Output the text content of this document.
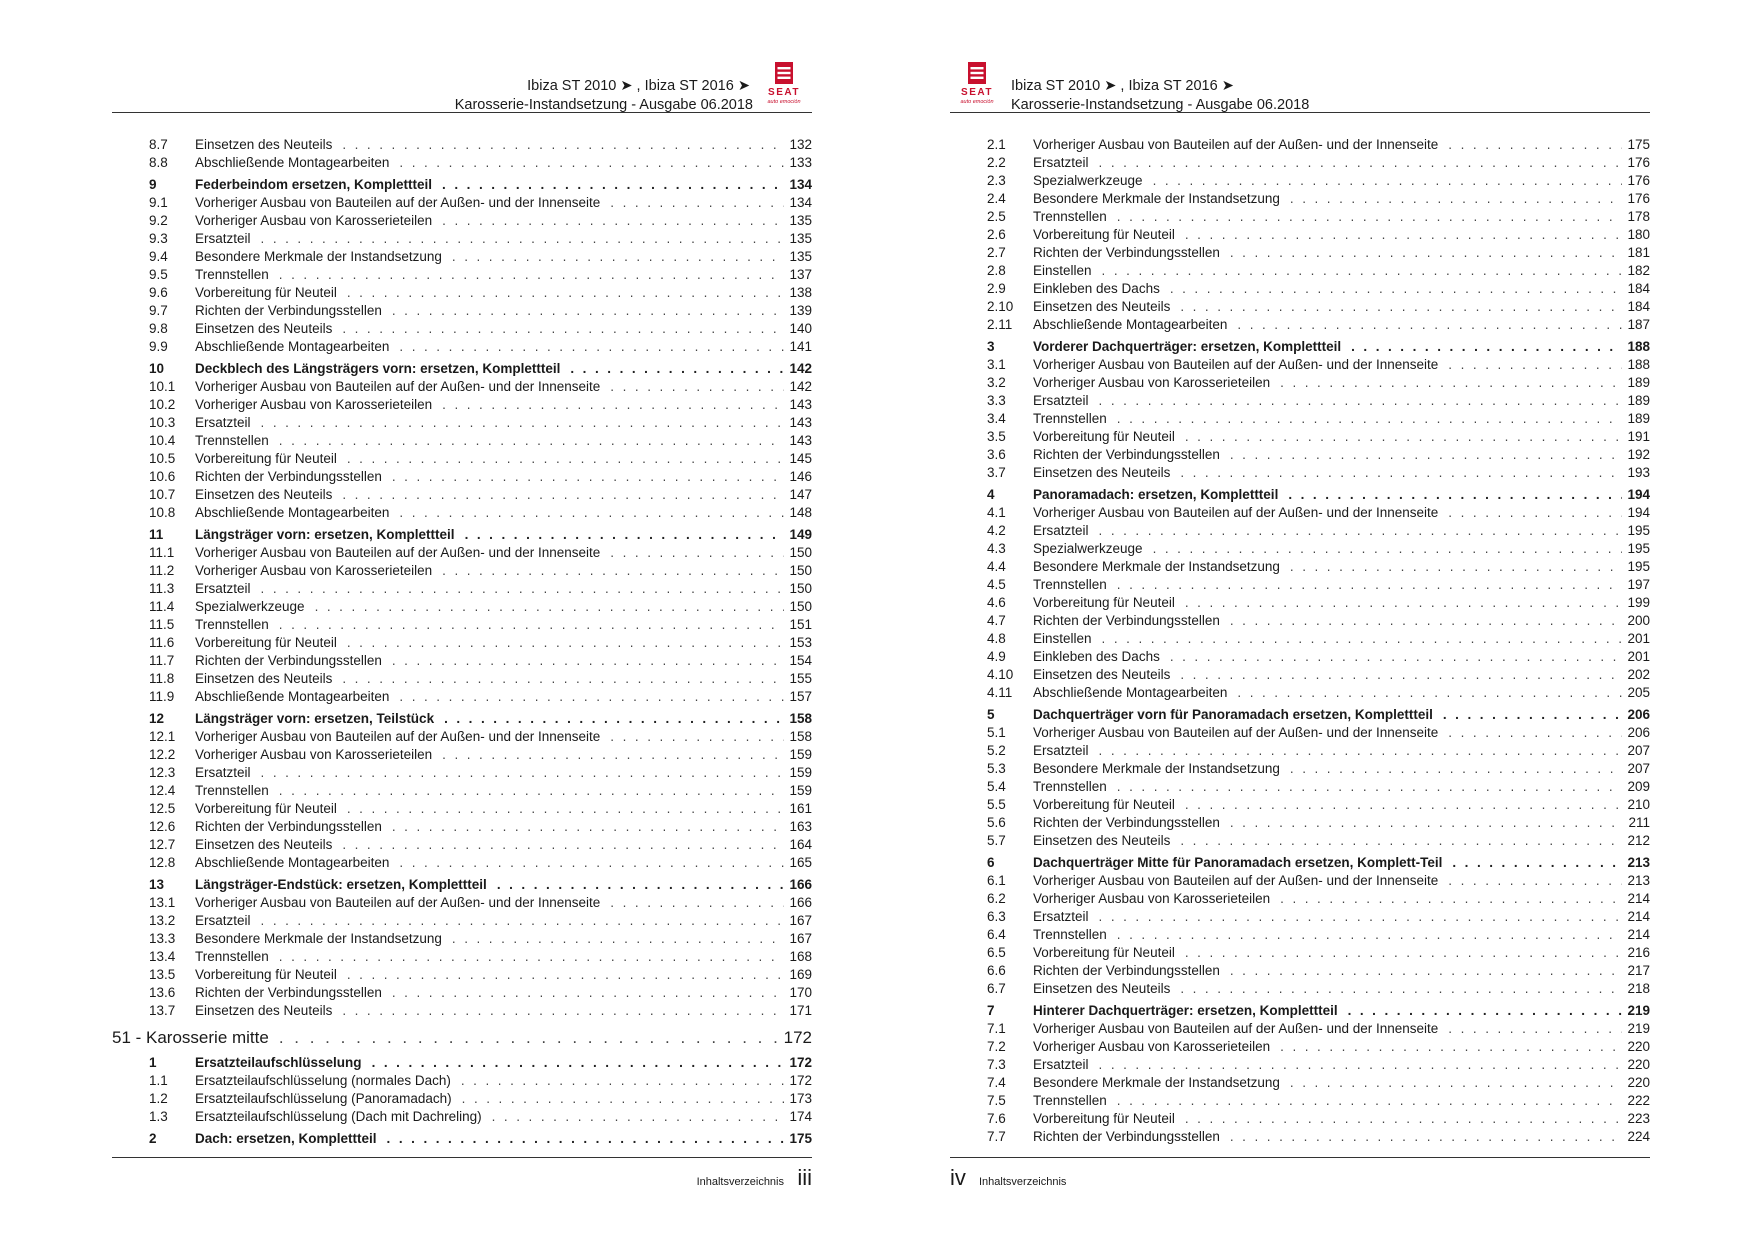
Ibiza ST 2010 ➤ , Ibiza ST 2016 ➤
Karosserie-Instandsetzung - Ausgabe 06.2018
SEAT
auto emoción
8.7	Einsetzen des Neuteils . . .	132
8.8	Abschließende Montagearbeiten . . .	133
9	Federbeindom ersetzen, Komplettteil . . .	134
9.1	Vorheriger Ausbau von Bauteilen auf der Außen- und der Innenseite . . .	134
9.2	Vorheriger Ausbau von Karosserieteilen . . .	135
9.3	Ersatzteil . . .	135
9.4	Besondere Merkmale der Instandsetzung . . .	135
9.5	Trennstellen . . .	137
9.6	Vorbereitung für Neuteil . . .	138
9.7	Richten der Verbindungsstellen . . .	139
9.8	Einsetzen des Neuteils . . .	140
9.9	Abschließende Montagearbeiten . . .	141
10	Deckblech des Längsträgers vorn: ersetzen, Komplettteil . . .	142
10.1	Vorheriger Ausbau von Bauteilen auf der Außen- und der Innenseite . . .	142
10.2	Vorheriger Ausbau von Karosserieteilen . . .	143
10.3	Ersatzteil . . .	143
10.4	Trennstellen . . .	143
10.5	Vorbereitung für Neuteil . . .	145
10.6	Richten der Verbindungsstellen . . .	146
10.7	Einsetzen des Neuteils . . .	147
10.8	Abschließende Montagearbeiten . . .	148
11	Längsträger vorn: ersetzen, Komplettteil . . .	149
11.1	Vorheriger Ausbau von Bauteilen auf der Außen- und der Innenseite . . .	150
11.2	Vorheriger Ausbau von Karosserieteilen . . .	150
11.3	Ersatzteil . . .	150
11.4	Spezialwerkzeuge . . .	150
11.5	Trennstellen . . .	151
11.6	Vorbereitung für Neuteil . . .	153
11.7	Richten der Verbindungsstellen . . .	154
11.8	Einsetzen des Neuteils . . .	155
11.9	Abschließende Montagearbeiten . . .	157
12	Längsträger vorn: ersetzen, Teilstück . . .	158
12.1	Vorheriger Ausbau von Bauteilen auf der Außen- und der Innenseite . . .	158
12.2	Vorheriger Ausbau von Karosserieteilen . . .	159
12.3	Ersatzteil . . .	159
12.4	Trennstellen . . .	159
12.5	Vorbereitung für Neuteil . . .	161
12.6	Richten der Verbindungsstellen . . .	163
12.7	Einsetzen des Neuteils . . .	164
12.8	Abschließende Montagearbeiten . . .	165
13	Längsträger-Endstück: ersetzen, Komplettteil . . .	166
13.1	Vorheriger Ausbau von Bauteilen auf der Außen- und der Innenseite . . .	166
13.2	Ersatzteil . . .	167
13.3	Besondere Merkmale der Instandsetzung . . .	167
13.4	Trennstellen . . .	168
13.5	Vorbereitung für Neuteil . . .	169
13.6	Richten der Verbindungsstellen . . .	170
13.7	Einsetzen des Neuteils . . .	171
51 - Karosserie mitte . . .	172
1	Ersatzteilaufschlüsselung . . .	172
1.1	Ersatzteilaufschlüsselung (normales Dach) . . .	172
1.2	Ersatzteilaufschlüsselung (Panoramadach) . . .	173
1.3	Ersatzteilaufschlüsselung (Dach mit Dachreling) . . .	174
2	Dach: ersetzen, Komplettteil . . .	175
Inhaltsverzeichnis iii
SEAT
auto emoción
Ibiza ST 2010 ➤ , Ibiza ST 2016 ➤
Karosserie-Instandsetzung - Ausgabe 06.2018
2.1	Vorheriger Ausbau von Bauteilen auf der Außen- und der Innenseite . . .	175
2.2	Ersatzteil . . .	176
2.3	Spezialwerkzeuge . . .	176
2.4	Besondere Merkmale der Instandsetzung . . .	176
2.5	Trennstellen . . .	178
2.6	Vorbereitung für Neuteil . . .	180
2.7	Richten der Verbindungsstellen . . .	181
2.8	Einstellen . . .	182
2.9	Einkleben des Dachs . . .	184
2.10	Einsetzen des Neuteils . . .	184
2.11	Abschließende Montagearbeiten . . .	187
3	Vorderer Dachquerträger: ersetzen, Komplettteil . . .	188
3.1	Vorheriger Ausbau von Bauteilen auf der Außen- und der Innenseite . . .	188
3.2	Vorheriger Ausbau von Karosserieteilen . . .	189
3.3	Ersatzteil . . .	189
3.4	Trennstellen . . .	189
3.5	Vorbereitung für Neuteil . . .	191
3.6	Richten der Verbindungsstellen . . .	192
3.7	Einsetzen des Neuteils . . .	193
4	Panoramadach: ersetzen, Komplettteil . . .	194
4.1	Vorheriger Ausbau von Bauteilen auf der Außen- und der Innenseite . . .	194
4.2	Ersatzteil . . .	195
4.3	Spezialwerkzeuge . . .	195
4.4	Besondere Merkmale der Instandsetzung . . .	195
4.5	Trennstellen . . .	197
4.6	Vorbereitung für Neuteil . . .	199
4.7	Richten der Verbindungsstellen . . .	200
4.8	Einstellen . . .	201
4.9	Einkleben des Dachs . . .	201
4.10	Einsetzen des Neuteils . . .	202
4.11	Abschließende Montagearbeiten . . .	205
5	Dachquerträger vorn für Panoramadach ersetzen, Komplettteil . . .	206
5.1	Vorheriger Ausbau von Bauteilen auf der Außen- und der Innenseite . . .	206
5.2	Ersatzteil . . .	207
5.3	Besondere Merkmale der Instandsetzung . . .	207
5.4	Trennstellen . . .	209
5.5	Vorbereitung für Neuteil . . .	210
5.6	Richten der Verbindungsstellen . . .	211
5.7	Einsetzen des Neuteils . . .	212
6	Dachquerträger Mitte für Panoramadach ersetzen, Komplett-Teil . . .	213
6.1	Vorheriger Ausbau von Bauteilen auf der Außen- und der Innenseite . . .	213
6.2	Vorheriger Ausbau von Karosserieteilen . . .	214
6.3	Ersatzteil . . .	214
6.4	Trennstellen . . .	214
6.5	Vorbereitung für Neuteil . . .	216
6.6	Richten der Verbindungsstellen . . .	217
6.7	Einsetzen des Neuteils . . .	218
7	Hinterer Dachquerträger: ersetzen, Komplettteil . . .	219
7.1	Vorheriger Ausbau von Bauteilen auf der Außen- und der Innenseite . . .	219
7.2	Vorheriger Ausbau von Karosserieteilen . . .	220
7.3	Ersatzteil . . .	220
7.4	Besondere Merkmale der Instandsetzung . . .	220
7.5	Trennstellen . . .	222
7.6	Vorbereitung für Neuteil . . .	223
7.7	Richten der Verbindungsstellen . . .	224
iv Inhaltsverzeichnis
